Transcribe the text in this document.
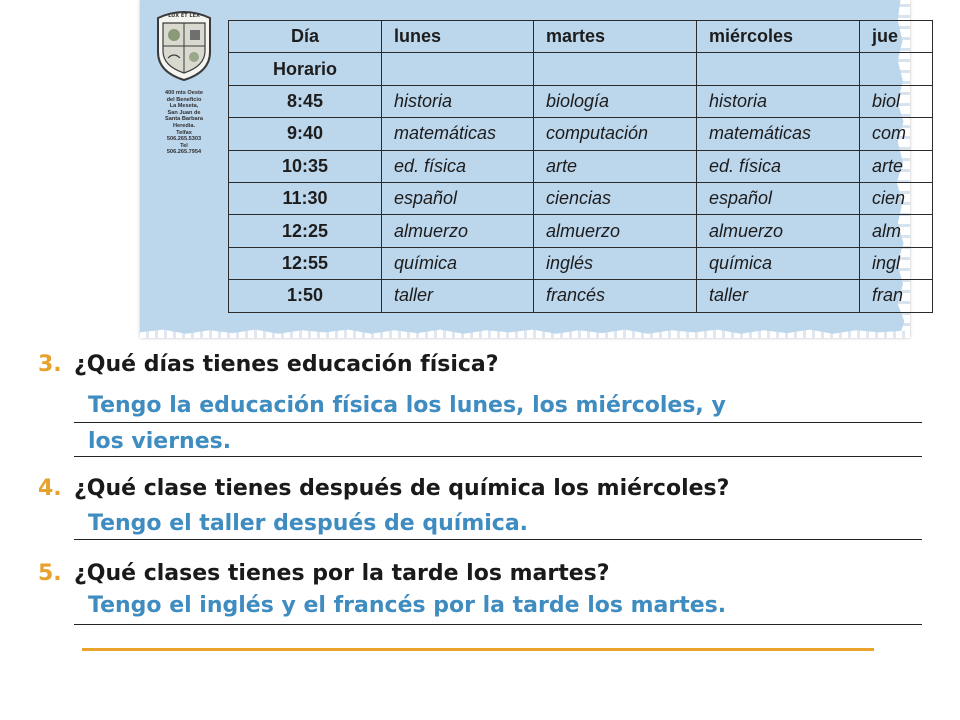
LUX ET LEX
400 mts Oeste
del Beneficio
La Meseta,
San Juan de
Santa Barbara
Heredia.
Telfax
506.265.5303
Tel
506.265.7954
Día	lunes	martes	miércoles	jue
Horario				
8:45	historia	biología	historia	biol
9:40	matemáticas	computación	matemáticas	com
10:35	ed. física	arte	ed. física	arte
11:30	español	ciencias	español	cien
12:25	almuerzo	almuerzo	almuerzo	alm
12:55	química	inglés	química	ingl
1:50	taller	francés	taller	fran
3. ¿Qué días tienes educación física?
Tengo la educación física los lunes, los miércoles, y
los viernes.
4. ¿Qué clase tienes después de química los miércoles?
Tengo el taller después de química.
5. ¿Qué clases tienes por la tarde los martes?
Tengo el inglés y el francés por la tarde los martes.
